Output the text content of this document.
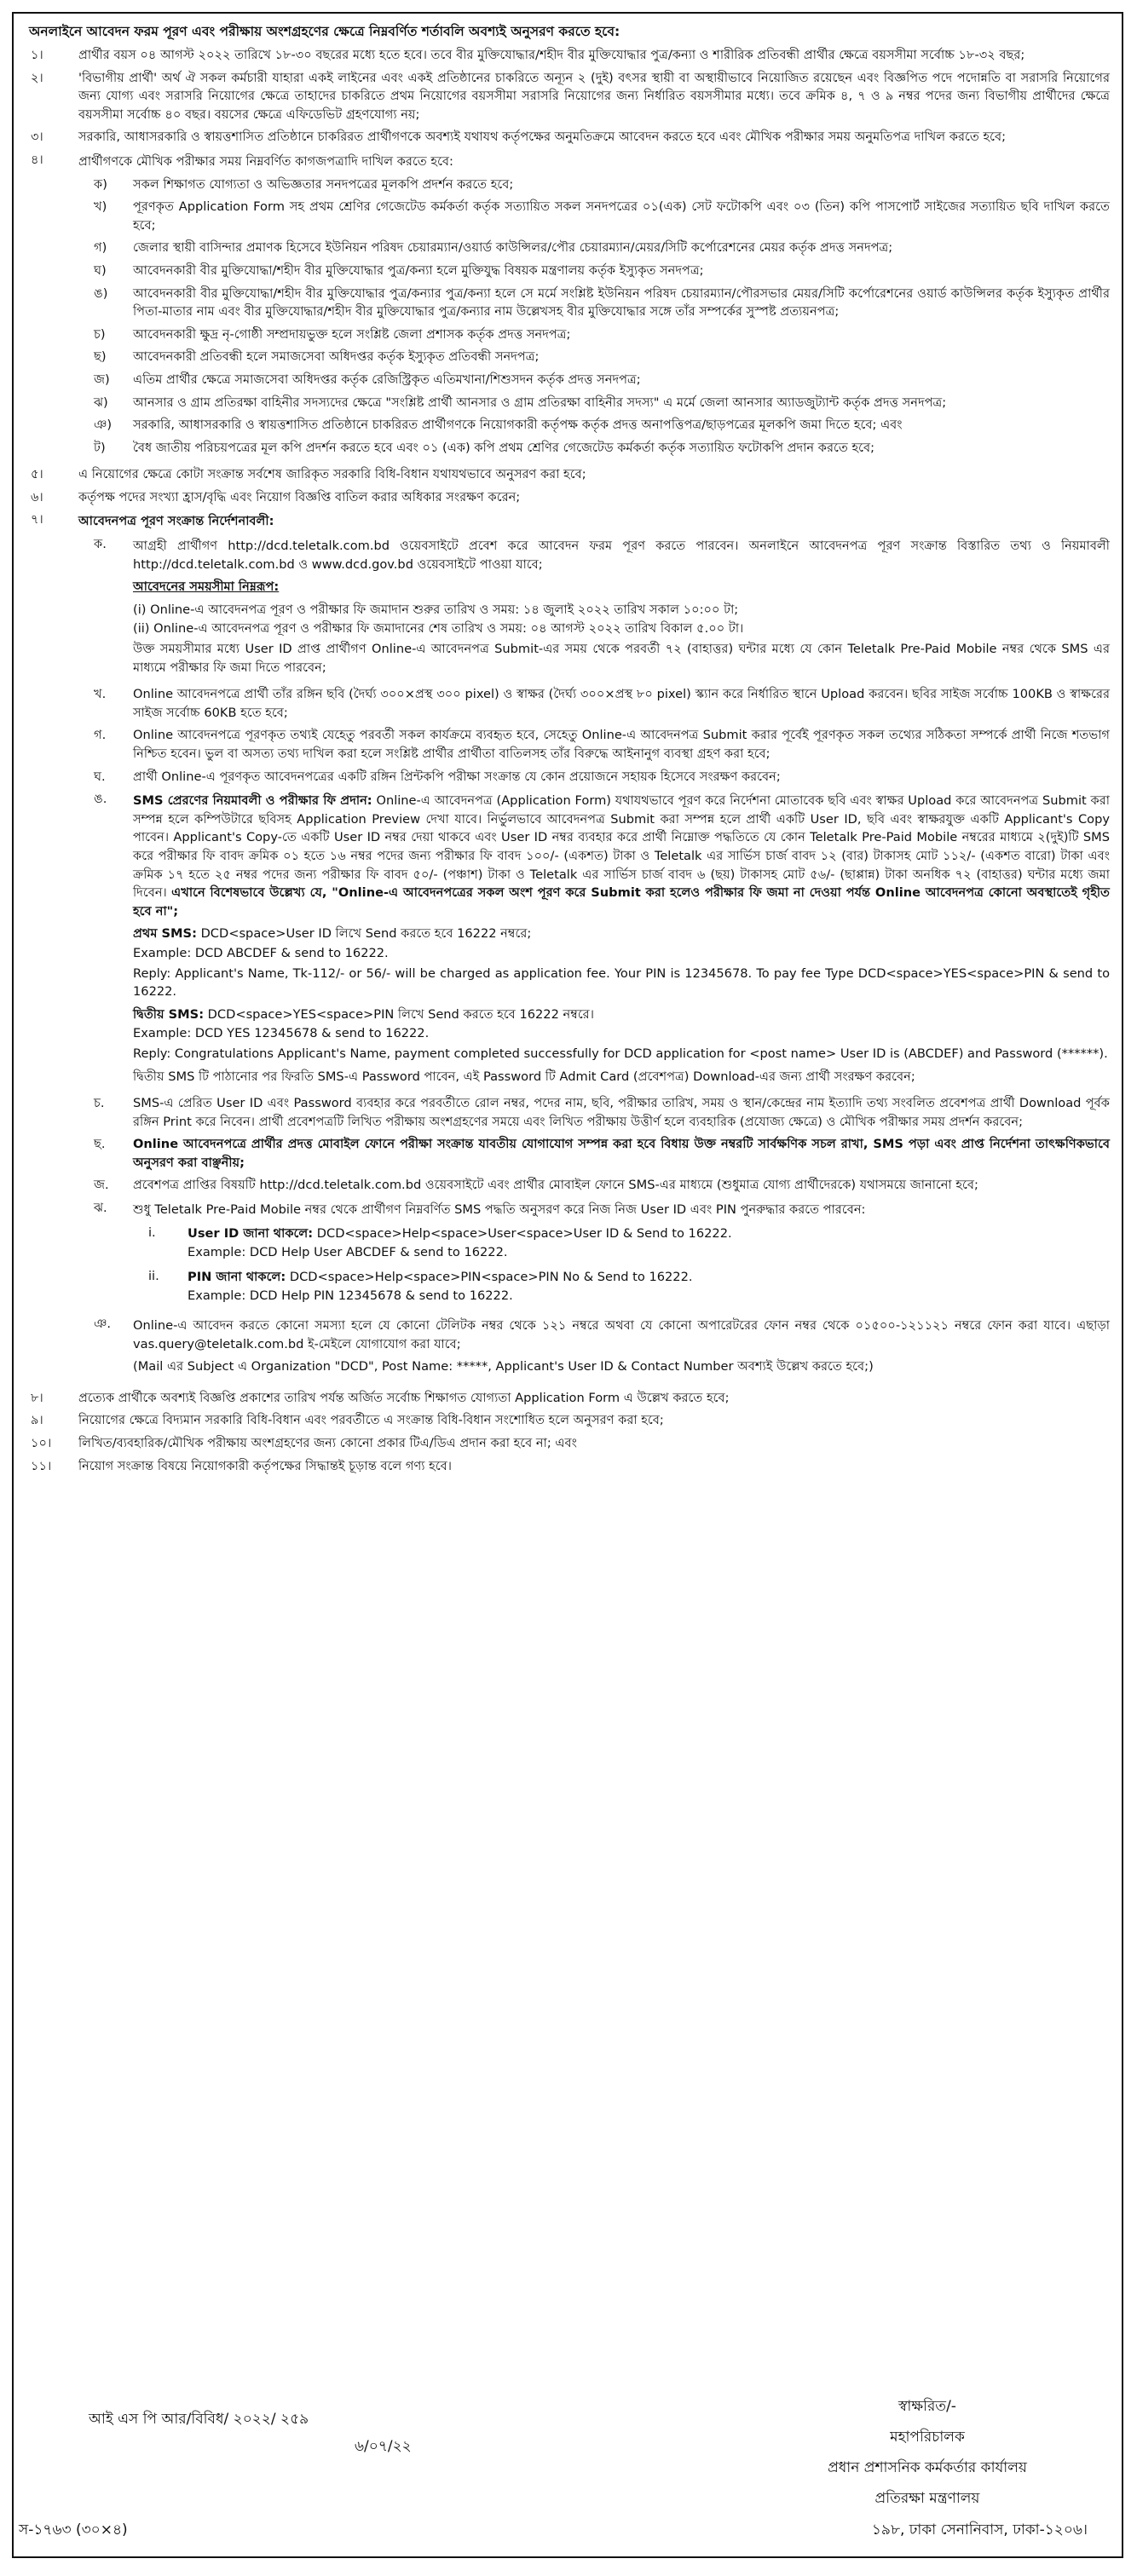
অনলাইনে আবেদন ফরম পূরণ এবং পরীক্ষায় অংশগ্রহণের ক্ষেত্রে নিম্নবর্ণিত শর্তাবলি অবশ্যই অনুসরণ করতে হবে:
১।	প্রার্থীর বয়স ০৪ আগস্ট ২০২২ তারিখে ১৮-৩০ বছরের মধ্যে হতে হবে। তবে বীর মুক্তিযোদ্ধার/শহীদ বীর মুক্তিযোদ্ধার পুত্র/কন্যা ও শারীরিক প্রতিবন্ধী প্রার্থীর ক্ষেত্রে বয়সসীমা সর্বোচ্চ ১৮-৩২ বছর;
২।	'বিভাগীয় প্রার্থী' অর্থ ঐ সকল কর্মচারী যাহারা একই লাইনের এবং একই প্রতিষ্ঠানের চাকরিতে অন্যূন ২ (দুই) বৎসর স্থায়ী বা অস্থায়ীভাবে নিয়োজিত রয়েছেন এবং বিজ্ঞপিত পদে পদোন্নতি বা সরাসরি নিয়োগের জন্য যোগ্য এবং সরাসরি নিয়োগের ক্ষেত্রে তাহাদের চাকরিতে প্রথম নিয়োগের বয়সসীমা সরাসরি নিয়োগের জন্য নির্ধারিত বয়সসীমার মধ্যে। তবে ক্রমিক ৪, ৭ ও ৯ নম্বর পদের জন্য বিভাগীয় প্রার্থীদের ক্ষেত্রে বয়সসীমা সর্বোচ্চ ৪০ বছর। বয়সের ক্ষেত্রে এফিডেভিট গ্রহণযোগ্য নয়;
৩।	সরকারি, আধাসরকারি ও স্বায়ত্তশাসিত প্রতিষ্ঠানে চাকরিরত প্রার্থীগণকে অবশ্যই যথাযথ কর্তৃপক্ষের অনুমতিক্রমে আবেদন করতে হবে এবং মৌখিক পরীক্ষার সময় অনুমতিপত্র দাখিল করতে হবে;
৪।	প্রার্থীগণকে মৌখিক পরীক্ষার সময় নিম্নবর্ণিত কাগজপত্রাদি দাখিল করতে হবে:
ক)	সকল শিক্ষাগত যোগ্যতা ও অভিজ্ঞতার সনদপত্রের মূলকপি প্রদর্শন করতে হবে;
খ)	পূরণকৃত Application Form সহ প্রথম শ্রেণির গেজেটেড কর্মকর্তা কর্তৃক সত্যায়িত সকল সনদপত্রের ০১(এক) সেট ফটোকপি এবং ০৩ (তিন) কপি পাসপোর্ট সাইজের সত্যায়িত ছবি দাখিল করতে হবে;
গ)	জেলার স্থায়ী বাসিন্দার প্রমাণক হিসেবে ইউনিয়ন পরিষদ চেয়ারম্যান/ওয়ার্ড কাউন্সিলর/পৌর চেয়ারম্যান/মেয়র/সিটি কর্পোরেশনের মেয়র কর্তৃক প্রদত্ত সনদপত্র;
ঘ)	আবেদনকারী বীর মুক্তিযোদ্ধা/শহীদ বীর মুক্তিযোদ্ধার পুত্র/কন্যা হলে মুক্তিযুদ্ধ বিষয়ক মন্ত্রণালয় কর্তৃক ইস্যুকৃত সনদপত্র;
ঙ)	আবেদনকারী বীর মুক্তিযোদ্ধা/শহীদ বীর মুক্তিযোদ্ধার পুত্র/কন্যার পুত্র/কন্যা হলে সে মর্মে সংশ্লিষ্ট ইউনিয়ন পরিষদ চেয়ারম্যান/পৌরসভার মেয়র/সিটি কর্পোরেশনের ওয়ার্ড কাউন্সিলর কর্তৃক ইস্যুকৃত প্রার্থীর পিতা-মাতার নাম এবং বীর মুক্তিযোদ্ধার/শহীদ বীর মুক্তিযোদ্ধার পুত্র/কন্যার নাম উল্লেখসহ বীর মুক্তিযোদ্ধার সঙ্গে তাঁর সম্পর্কের সুস্পষ্ট প্রত্যয়নপত্র;
চ)	আবেদনকারী ক্ষুদ্র নৃ-গোষ্ঠী সম্প্রদায়ভুক্ত হলে সংশ্লিষ্ট জেলা প্রশাসক কর্তৃক প্রদত্ত সনদপত্র;
ছ)	আবেদনকারী প্রতিবন্ধী হলে সমাজসেবা অধিদপ্তর কর্তৃক ইস্যুকৃত প্রতিবন্ধী সনদপত্র;
জ)	এতিম প্রার্থীর ক্ষেত্রে সমাজসেবা অধিদপ্তর কর্তৃক রেজিস্ট্রিকৃত এতিমখানা/শিশুসদন কর্তৃক প্রদত্ত সনদপত্র;
ঝ)	আনসার ও গ্রাম প্রতিরক্ষা বাহিনীর সদস্যদের ক্ষেত্রে "সংশ্লিষ্ট প্রার্থী আনসার ও গ্রাম প্রতিরক্ষা বাহিনীর সদস্য" এ মর্মে জেলা আনসার অ্যাডজুট্যান্ট কর্তৃক প্রদত্ত সনদপত্র;
ঞ)	সরকারি, আধাসরকারি ও স্বায়ত্তশাসিত প্রতিষ্ঠানে চাকরিরত প্রার্থীগণকে নিয়োগকারী কর্তৃপক্ষ কর্তৃক প্রদত্ত অনাপত্তিপত্র/ছাড়পত্রের মূলকপি জমা দিতে হবে; এবং
ট)	বৈধ জাতীয় পরিচয়পত্রের মূল কপি প্রদর্শন করতে হবে এবং ০১ (এক) কপি প্রথম শ্রেণির গেজেটেড কর্মকর্তা কর্তৃক সত্যায়িত ফটোকপি প্রদান করতে হবে;
৫।	এ নিয়োগের ক্ষেত্রে কোটা সংক্রান্ত সর্বশেষ জারিকৃত সরকারি বিধি-বিধান যথাযথভাবে অনুসরণ করা হবে;
৬।	কর্তৃপক্ষ পদের সংখ্যা হ্রাস/বৃদ্ধি এবং নিয়োগ বিজ্ঞপ্তি বাতিল করার অধিকার সংরক্ষণ করেন;
৭।	আবেদনপত্র পূরণ সংক্রান্ত নির্দেশনাবলী:
ক.	আগ্রহী প্রার্থীগণ http://dcd.teletalk.com.bd ওয়েবসাইটে প্রবেশ করে আবেদন ফরম পূরণ করতে পারবেন। অনলাইনে আবেদনপত্র পূরণ সংক্রান্ত বিস্তারিত তথ্য ও নিয়মাবলী http://dcd.teletalk.com.bd ও www.dcd.gov.bd ওয়েবসাইটে পাওয়া যাবে;
আবেদনের সময়সীমা নিম্নরূপ:
(i) Online-এ আবেদনপত্র পূরণ ও পরীক্ষার ফি জমাদান শুরুর তারিখ ও সময়: ১৪ জুলাই ২০২২ তারিখ সকাল ১০:০০ টা;
(ii) Online-এ আবেদনপত্র পূরণ ও পরীক্ষার ফি জমাদানের শেষ তারিখ ও সময়: ০৪ আগস্ট ২০২২ তারিখ বিকাল ৫.০০ টা।
উক্ত সময়সীমার মধ্যে User ID প্রাপ্ত প্রার্থীগণ Online-এ আবেদনপত্র Submit-এর সময় থেকে পরবর্তী ৭২ (বাহাত্তর) ঘন্টার মধ্যে যে কোন Teletalk Pre-Paid Mobile নম্বর থেকে SMS এর মাধ্যমে পরীক্ষার ফি জমা দিতে পারবেন;
খ.	Online আবেদনপত্রে প্রার্থী তাঁর রঙ্গিন ছবি (দৈর্ঘ্য ৩০০×প্রস্থ ৩০০ pixel) ও স্বাক্ষর (দৈর্ঘ্য ৩০০×প্রস্থ ৮০ pixel) স্ক্যান করে নির্ধারিত স্থানে Upload করবেন। ছবির সাইজ সর্বোচ্চ 100KB ও স্বাক্ষরের সাইজ সর্বোচ্চ 60KB হতে হবে;
গ.	Online আবেদনপত্রে পূরণকৃত তথ্যই যেহেতু পরবর্তী সকল কার্যক্রমে ব্যবহৃত হবে, সেহেতু Online-এ আবেদনপত্র Submit করার পূর্বেই পূরণকৃত সকল তথ্যের সঠিকতা সম্পর্কে প্রার্থী নিজে শতভাগ নিশ্চিত হবেন। ভুল বা অসত্য তথ্য দাখিল করা হলে সংশ্লিষ্ট প্রার্থীর প্রার্থীতা বাতিলসহ তাঁর বিরুদ্ধে আইনানুগ ব্যবস্থা গ্রহণ করা হবে;
ঘ.	প্রার্থী Online-এ পূরণকৃত আবেদনপত্রের একটি রঙ্গিন প্রিন্টকপি পরীক্ষা সংক্রান্ত যে কোন প্রয়োজনে সহায়ক হিসেবে সংরক্ষণ করবেন;
ঙ.	SMS প্রেরণের নিয়মাবলী ও পরীক্ষার ফি প্রদান: Online-এ আবেদনপত্র (Application Form) যথাযথভাবে পূরণ করে নির্দেশনা মোতাবেক ছবি এবং স্বাক্ষর Upload করে আবেদনপত্র Submit করা সম্পন্ন হলে কম্পিউটারে ছবিসহ Application Preview দেখা যাবে। নির্ভুলভাবে আবেদনপত্র Submit করা সম্পন্ন হলে প্রার্থী একটি User ID, ছবি এবং স্বাক্ষরযুক্ত একটি Applicant's Copy পাবেন। Applicant's Copy-তে একটি User ID নম্বর দেয়া থাকবে এবং User ID নম্বর ব্যবহার করে প্রার্থী নিম্নোক্ত পদ্ধতিতে যে কোন Teletalk Pre-Paid Mobile নম্বরের মাধ্যমে ২(দুই)টি SMS করে পরীক্ষার ফি বাবদ ক্রমিক ০১ হতে ১৬ নম্বর পদের জন্য পরীক্ষার ফি বাবদ ১০০/- (একশত) টাকা ও Teletalk এর সার্ভিস চার্জ বাবদ ১২ (বার) টাকাসহ মোট ১১২/- (একশত বারো) টাকা এবং ক্রমিক ১৭ হতে ২৫ নম্বর পদের জন্য পরীক্ষার ফি বাবদ ৫০/- (পঞ্চাশ) টাকা ও Teletalk এর সার্ভিস চার্জ বাবদ ৬ (ছয়) টাকাসহ মোট ৫৬/- (ছাপ্পান্ন) টাকা অনধিক ৭২ (বাহাত্তর) ঘন্টার মধ্যে জমা দিবেন। এখানে বিশেষভাবে উল্লেখ্য যে, "Online-এ আবেদনপত্রের সকল অংশ পূরণ করে Submit করা হলেও পরীক্ষার ফি জমা না দেওয়া পর্যন্ত Online আবেদনপত্র কোনো অবস্থাতেই গৃহীত হবে না";
প্রথম SMS: DCD<space>User ID লিখে Send করতে হবে 16222 নম্বরে;
Example: DCD ABCDEF & send to 16222.
Reply: Applicant's Name, Tk-112/- or 56/- will be charged as application fee. Your PIN is 12345678. To pay fee Type DCD<space>YES<space>PIN & send to 16222.
দ্বিতীয় SMS: DCD<space>YES<space>PIN লিখে Send করতে হবে 16222 নম্বরে।
Example: DCD YES 12345678 & send to 16222.
Reply: Congratulations Applicant's Name, payment completed successfully for DCD application for <post name> User ID is (ABCDEF) and Password (******).
দ্বিতীয় SMS টি পাঠানোর পর ফিরতি SMS-এ Password পাবেন, এই Password টি Admit Card (প্রবেশপত্র) Download-এর জন্য প্রার্থী সংরক্ষণ করবেন;
চ.	SMS-এ প্রেরিত User ID এবং Password ব্যবহার করে পরবর্তীতে রোল নম্বর, পদের নাম, ছবি, পরীক্ষার তারিখ, সময় ও স্থান/কেন্দ্রের নাম ইত্যাদি তথ্য সংবলিত প্রবেশপত্র প্রার্থী Download পূর্বক রঙ্গিন Print করে নিবেন। প্রার্থী প্রবেশপত্রটি লিখিত পরীক্ষায় অংশগ্রহণের সময়ে এবং লিখিত পরীক্ষায় উত্তীর্ণ হলে ব্যবহারিক (প্রযোজ্য ক্ষেত্রে) ও মৌখিক পরীক্ষার সময় প্রদর্শন করবেন;
ছ.	Online আবেদনপত্রে প্রার্থীর প্রদত্ত মোবাইল ফোনে পরীক্ষা সংক্রান্ত যাবতীয় যোগাযোগ সম্পন্ন করা হবে বিধায় উক্ত নম্বরটি সার্বক্ষণিক সচল রাখা, SMS পড়া এবং প্রাপ্ত নির্দেশনা তাৎক্ষণিকভাবে অনুসরণ করা বাঞ্ছনীয়;
জ.	প্রবেশপত্র প্রাপ্তির বিষয়টি http://dcd.teletalk.com.bd ওয়েবসাইটে এবং প্রার্থীর মোবাইল ফোনে SMS-এর মাধ্যমে (শুধুমাত্র যোগ্য প্রার্থীদেরকে) যথাসময়ে জানানো হবে;
ঝ.	শুধু Teletalk Pre-Paid Mobile নম্বর থেকে প্রার্থীগণ নিম্নবর্ণিত SMS পদ্ধতি অনুসরণ করে নিজ নিজ User ID এবং PIN পুনরুদ্ধার করতে পারবেন:
i.	User ID জানা থাকলে: DCD<space>Help<space>User<space>User ID & Send to 16222.
Example: DCD Help User ABCDEF & send to 16222.
ii.	PIN জানা থাকলে: DCD<space>Help<space>PIN<space>PIN No & Send to 16222.
Example: DCD Help PIN 12345678 & send to 16222.
ঞ.	Online-এ আবেদন করতে কোনো সমস্যা হলে যে কোনো টেলিটক নম্বর থেকে ১২১ নম্বরে অথবা যে কোনো অপারেটরের ফোন নম্বর থেকে ০১৫০০-১২১১২১ নম্বরে ফোন করা যাবে। এছাড়া vas.query@teletalk.com.bd ই-মেইলে যোগাযোগ করা যাবে;
(Mail এর Subject এ Organization "DCD", Post Name: *****, Applicant's User ID & Contact Number অবশ্যই উল্লেখ করতে হবে;)
৮।	প্রত্যেক প্রার্থীকে অবশ্যই বিজ্ঞপ্তি প্রকাশের তারিখ পর্যন্ত অর্জিত সর্বোচ্চ শিক্ষাগত যোগ্যতা Application Form এ উল্লেখ করতে হবে;
৯।	নিয়োগের ক্ষেত্রে বিদ্যমান সরকারি বিধি-বিধান এবং পরবর্তীতে এ সংক্রান্ত বিধি-বিধান সংশোধিত হলে অনুসরণ করা হবে;
১০।	লিখিত/ব্যবহারিক/মৌখিক পরীক্ষায় অংশগ্রহণের জন্য কোনো প্রকার টিএ/ডিএ প্রদান করা হবে না; এবং
১১।	নিয়োগ সংক্রান্ত বিষয়ে নিয়োগকারী কর্তৃপক্ষের সিদ্ধান্তই চূড়ান্ত বলে গণ্য হবে।
আই এস পি আর/বিবিধ/ ২০২২/ ২৫৯
৬/০৭/২২
স্বাক্ষরিত/-
মহাপরিচালক
প্রধান প্রশাসনিক কর্মকর্তার কার্যালয়
প্রতিরক্ষা মন্ত্রণালয়
স-১৭৬৩ (৩০×৪)	১৯৮, ঢাকা সেনানিবাস, ঢাকা-১২০৬।
